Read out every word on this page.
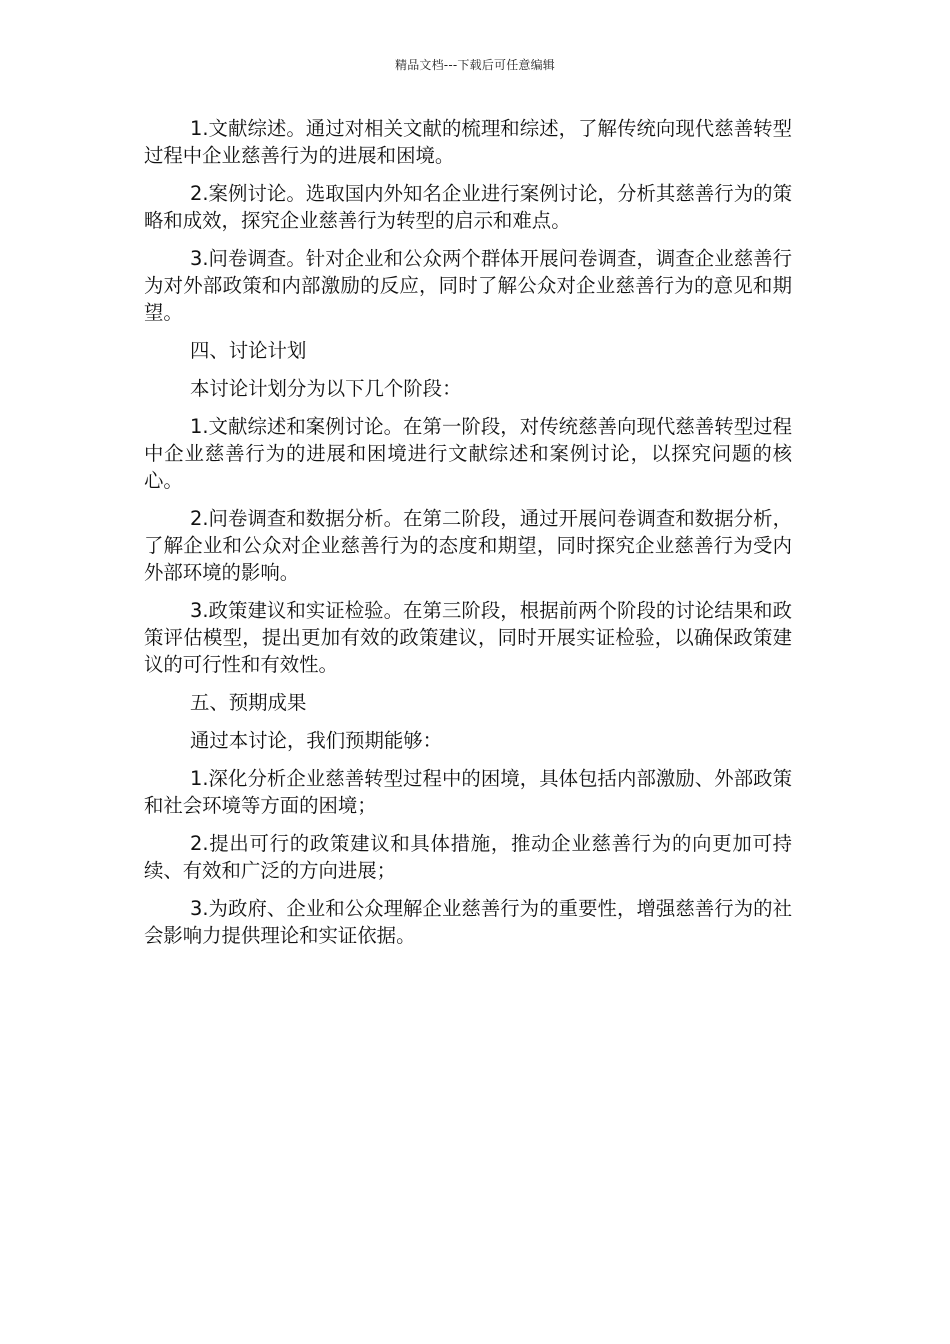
精品文档---下载后可任意编辑

1.文献综述。通过对相关文献的梳理和综述，了解传统向现代慈善转型过程中企业慈善行为的进展和困境。

2.案例讨论。选取国内外知名企业进行案例讨论，分析其慈善行为的策略和成效，探究企业慈善行为转型的启示和难点。

3.问卷调查。针对企业和公众两个群体开展问卷调查，调查企业慈善行为对外部政策和内部激励的反应，同时了解公众对企业慈善行为的意见和期望。

四、讨论计划

本讨论计划分为以下几个阶段：

1.文献综述和案例讨论。在第一阶段，对传统慈善向现代慈善转型过程中企业慈善行为的进展和困境进行文献综述和案例讨论，以探究问题的核心。

2.问卷调查和数据分析。在第二阶段，通过开展问卷调查和数据分析，了解企业和公众对企业慈善行为的态度和期望，同时探究企业慈善行为受内外部环境的影响。

3.政策建议和实证检验。在第三阶段，根据前两个阶段的讨论结果和政策评估模型，提出更加有效的政策建议，同时开展实证检验，以确保政策建议的可行性和有效性。

五、预期成果

通过本讨论，我们预期能够：

1.深化分析企业慈善转型过程中的困境，具体包括内部激励、外部政策和社会环境等方面的困境；

2.提出可行的政策建议和具体措施，推动企业慈善行为的向更加可持续、有效和广泛的方向进展；

3.为政府、企业和公众理解企业慈善行为的重要性，增强慈善行为的社会影响力提供理论和实证依据。
